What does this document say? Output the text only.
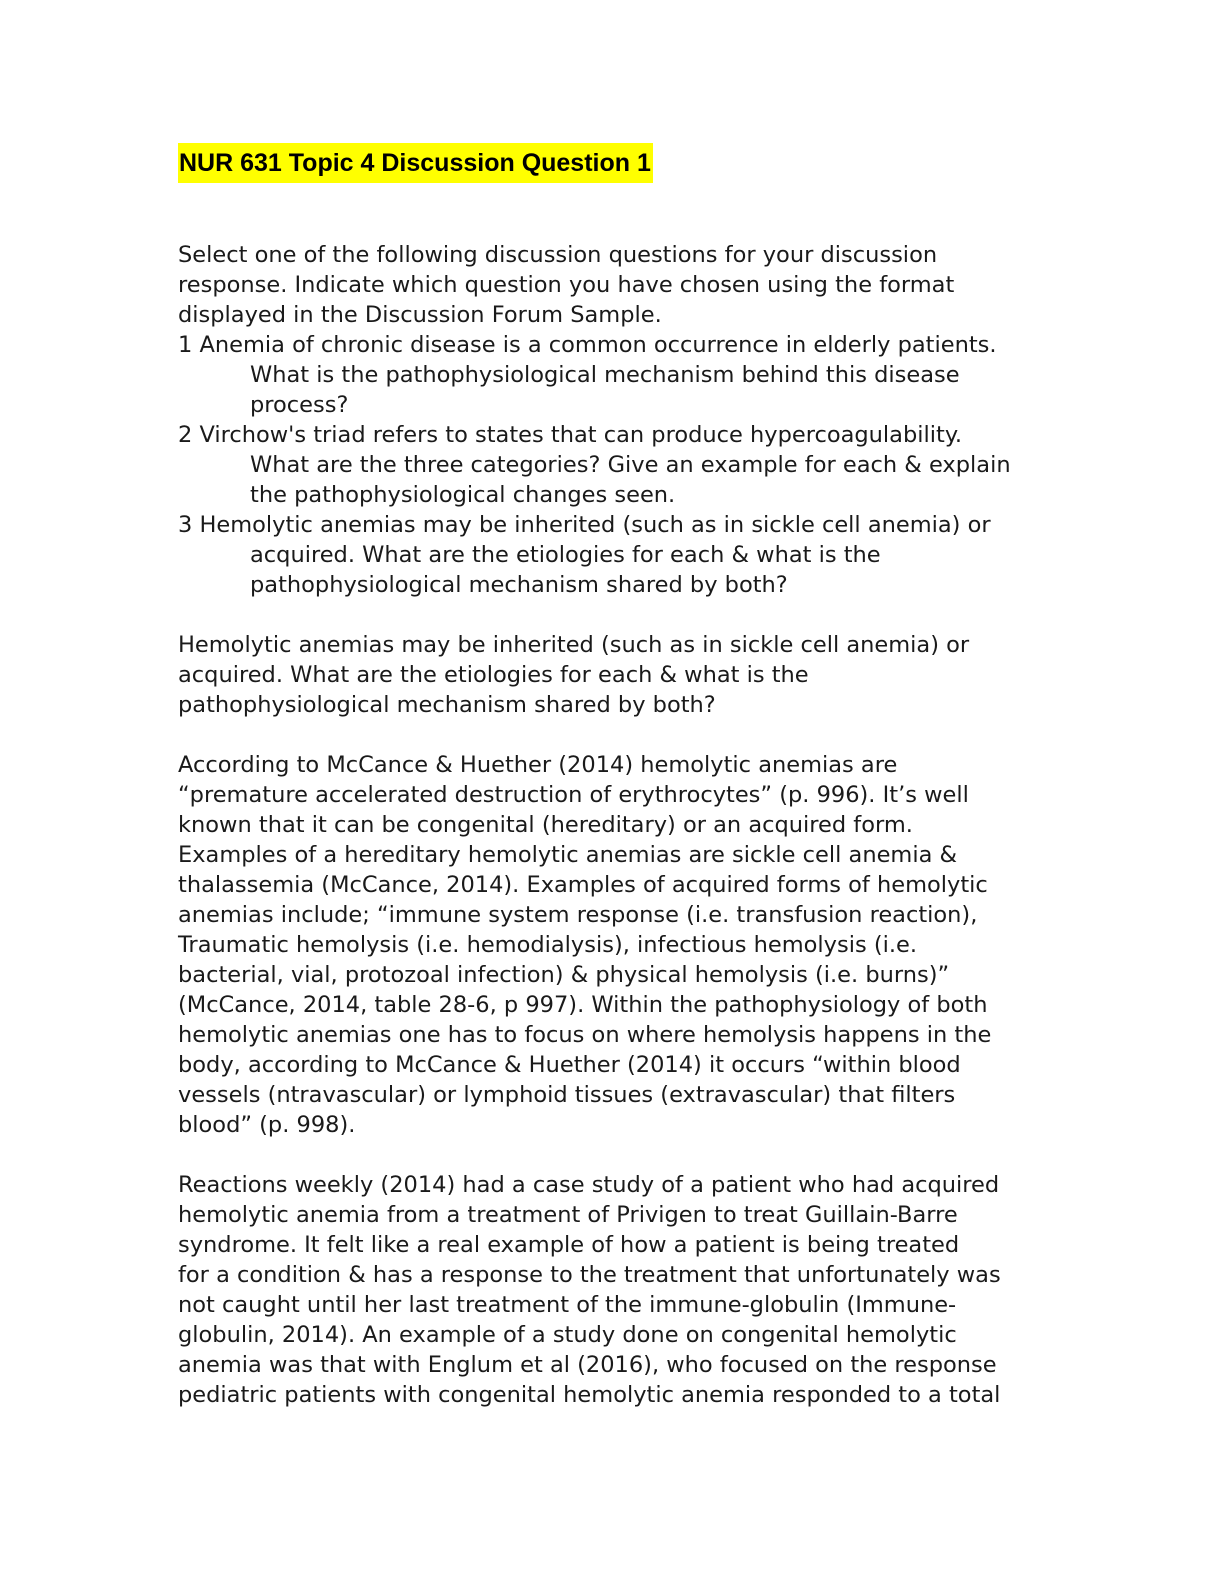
NUR 631 Topic 4 Discussion Question 1
Select one of the following discussion questions for your discussion
response. Indicate which question you have chosen using the format
displayed in the Discussion Forum Sample.
1 Anemia of chronic disease is a common occurrence in elderly patients.
What is the pathophysiological mechanism behind this disease
process?
2 Virchow's triad refers to states that can produce hypercoagulability.
What are the three categories? Give an example for each & explain
the pathophysiological changes seen.
3 Hemolytic anemias may be inherited (such as in sickle cell anemia) or
acquired. What are the etiologies for each & what is the
pathophysiological mechanism shared by both?
Hemolytic anemias may be inherited (such as in sickle cell anemia) or
acquired. What are the etiologies for each & what is the
pathophysiological mechanism shared by both?
According to McCance & Huether (2014) hemolytic anemias are
“premature accelerated destruction of erythrocytes” (p. 996). It’s well
known that it can be congenital (hereditary) or an acquired form.
Examples of a hereditary hemolytic anemias are sickle cell anemia &
thalassemia (McCance, 2014). Examples of acquired forms of hemolytic
anemias include; “immune system response (i.e. transfusion reaction),
Traumatic hemolysis (i.e. hemodialysis), infectious hemolysis (i.e.
bacterial, vial, protozoal infection) & physical hemolysis (i.e. burns)”
(McCance, 2014, table 28-6, p 997). Within the pathophysiology of both
hemolytic anemias one has to focus on where hemolysis happens in the
body, according to McCance & Huether (2014) it occurs “within blood
vessels (ntravascular) or lymphoid tissues (extravascular) that filters
blood” (p. 998).
Reactions weekly (2014) had a case study of a patient who had acquired
hemolytic anemia from a treatment of Privigen to treat Guillain-Barre
syndrome. It felt like a real example of how a patient is being treated
for a condition & has a response to the treatment that unfortunately was
not caught until her last treatment of the immune-globulin (Immune-
globulin, 2014). An example of a study done on congenital hemolytic
anemia was that with Englum et al (2016), who focused on the response
pediatric patients with congenital hemolytic anemia responded to a total
